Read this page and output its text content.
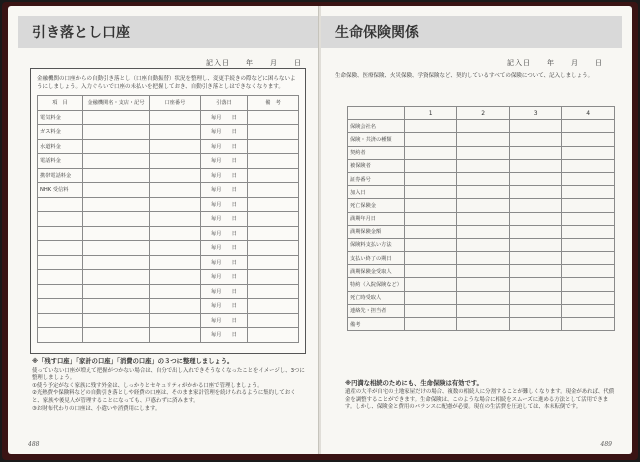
引き落とし口座
記入日　　年　　月　　日
金融機関の口座からの自動引き落とし（口座自動振替）状況を整理し、変更手続きの際などに困らないようにしましょう。入力ぐらいで口座の未払いを把握しておき、自動引き落としはできなくなります。
項　目	金融機関名・支店・記号	口座番号	引落日	備　考
電気料金			毎月　　日	
ガス料金			毎月　　日	
水道料金			毎月　　日	
電話料金			毎月　　日	
携帯電話料金			毎月　　日	
NHK 受信料			毎月　　日	
			毎月　　日	
			毎月　　日	
			毎月　　日	
			毎月　　日	
			毎月　　日	
			毎月　　日	
			毎月　　日	
			毎月　　日	
			毎月　　日	
			毎月　　日	
※「残す口座」「家計の口座」「消費の口座」の３つに整理しましょう。
使っていない口座が増えて把握がつかない場合は、自分で出し入れできそうなくなったことをイメージし、3つに整理しましょう。
①使う予定がなく家族に残す外金は、しっかりとセキュリティがかかる口座で管理しましょう。
②光熱費や保険料などの自動引き落としや経費の口座は、そのまま家計管理を続けられるように集約しておくと、家族や後見人が管理することになっても、戸惑わずに済みます。
③お財布代わりの口座は、小遣いや消費用にします。
488
生命保険関係
記入日　　年　　月　　日
生命保険、医療保険、火災保険、学資保険など、契約しているすべての保険について、記入しましょう。
	1	2	3	4
保険会社名				
保険・共済の種類				
契約者				
被保険者				
証券番号				
加入日				
死亡保険金				
満期年月日				
満期保険金額				
保険料支払い方法				
支払い終了の期日				
満期保険金受取人				
特約（入院保険など）				
死亡時受取人				
連絡先・担当者				
備考				
※円満な相続のためにも、生命保険は有効です。
遺産の大半が自宅の土地家屋だけの場合、複数の相続人に分割することが難しくなります。現金があれば、代償金を調整することができます。生命保険は、このような場合に相続をスムーズに進める方法として活用できます。しかし、保険金と費用のバランスに配慮が必要。現在の生活費を圧迫しては、本末転倒です。
489
